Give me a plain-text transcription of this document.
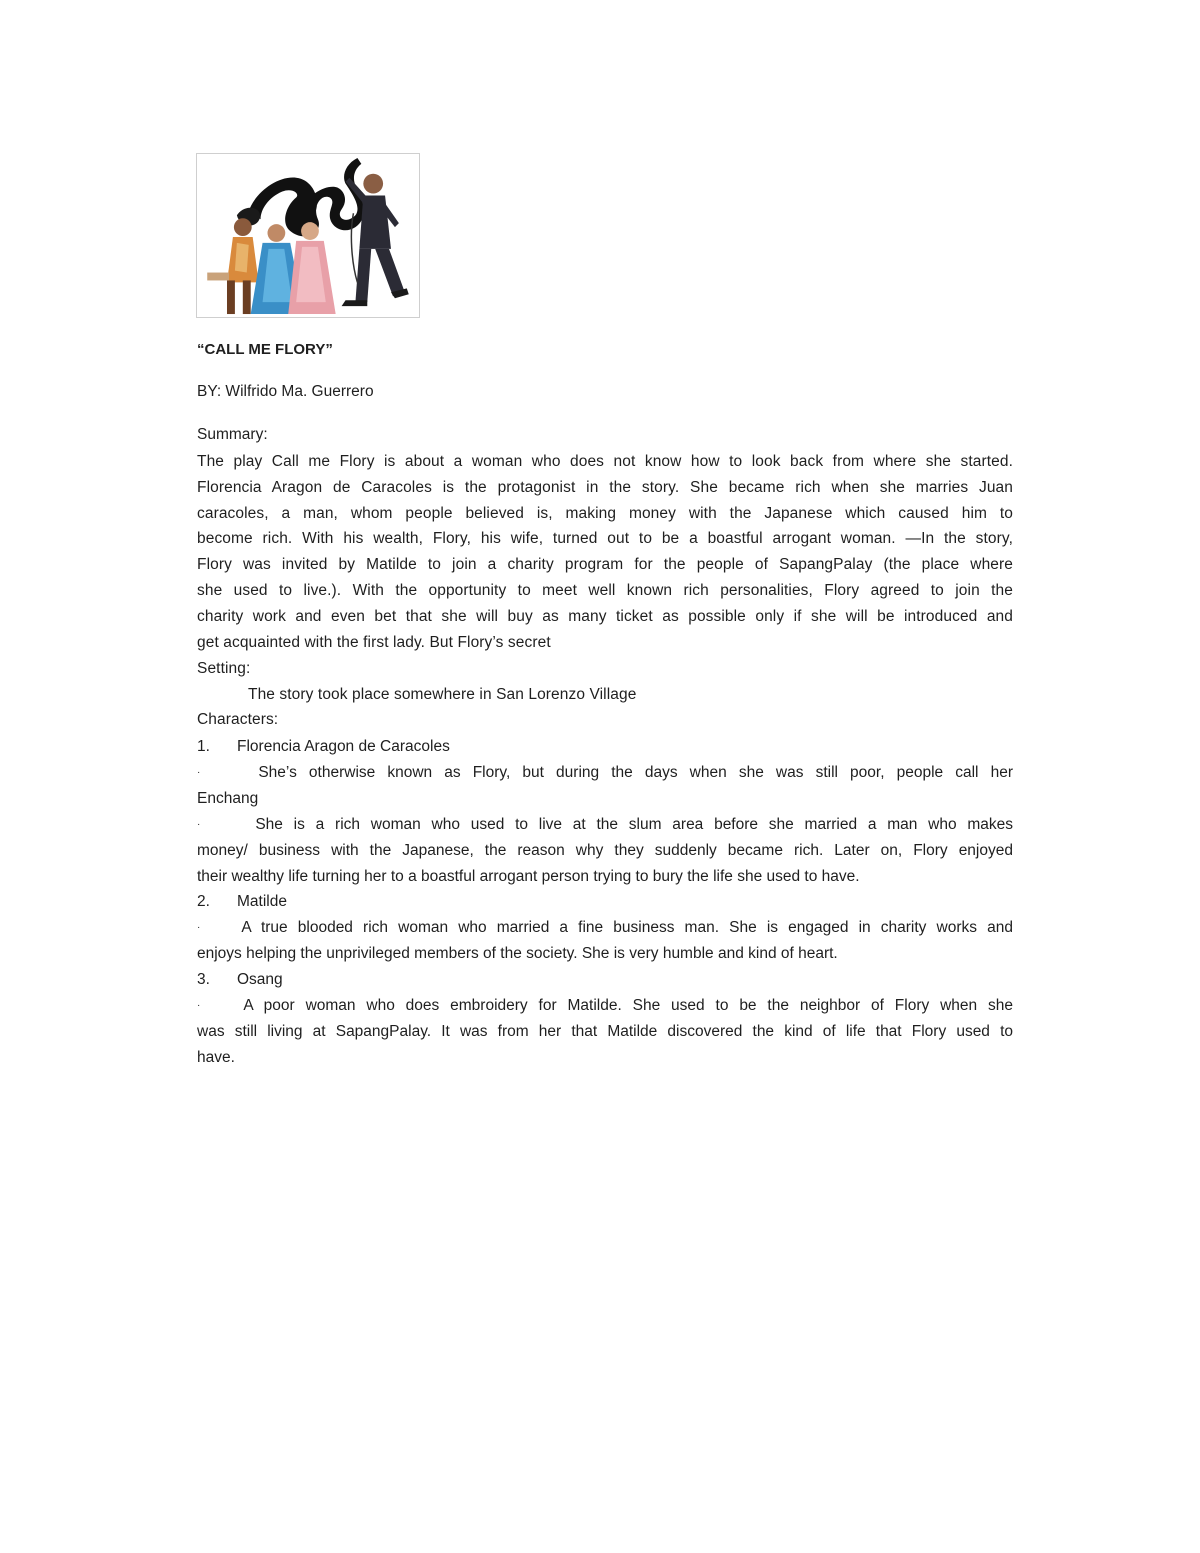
“CALL ME FLORY”
BY: Wilfrido Ma. Guerrero
Summary:
The play Call me Flory is about a woman who does not know how to look back from where she started.
Florencia Aragon de Caracoles is the protagonist in the story. She became rich when she marries Juan
caracoles, a man, whom people believed is, making money with the Japanese which caused him to
become rich. With his wealth, Flory, his wife, turned out to be a boastful arrogant woman. —In the story,
Flory was invited by Matilde to join a charity program for the people of SapangPalay (the place where
she used to live.). With the opportunity to meet well known rich personalities, Flory agreed to join the
charity work and even bet that she will buy as many ticket as possible only if she will be introduced and
get acquainted with the first lady. But Flory’s secret
Setting:
The story took place somewhere in San Lorenzo Village
Characters:
1. Florencia Aragon de Caracoles
·	She’s otherwise known as Flory, but during the days when she was still poor, people call her
Enchang
·	She is a rich woman who used to live at the slum area before she married a man who makes
money/ business with the Japanese, the reason why they suddenly became rich. Later on, Flory enjoyed
their wealthy life turning her to a boastful arrogant person trying to bury the life she used to have.
2. Matilde
·	A true blooded rich woman who married a fine business man. She is engaged in charity works and
enjoys helping the unprivileged members of the society. She is very humble and kind of heart.
3. Osang
·	A poor woman who does embroidery for Matilde. She used to be the neighbor of Flory when she
was still living at SapangPalay. It was from her that Matilde discovered the kind of life that Flory used to
have.
